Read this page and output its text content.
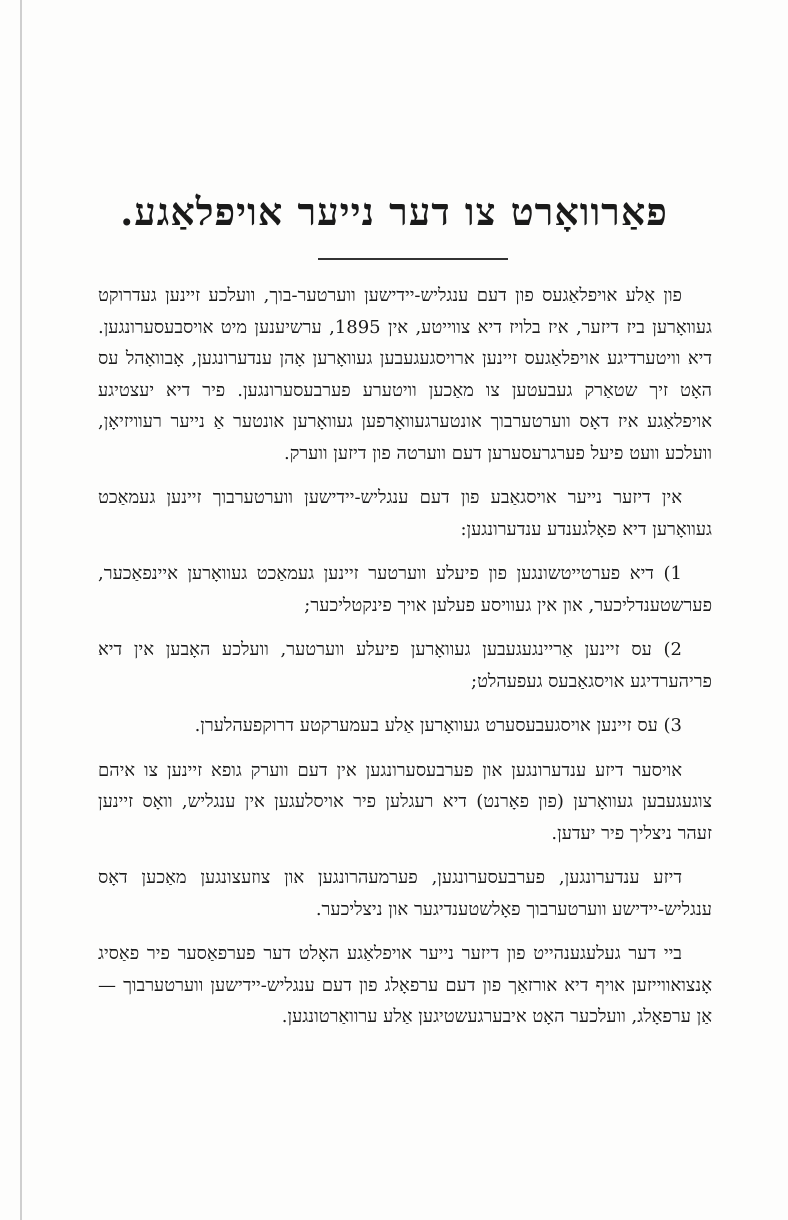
פאַרוואָרט צו דער נייער אויפלאַגע.

פון אַלע אויפלאַגעס פון דעם ענגליש-יידישען ווערטער-בוך, וועלכע זיינען געדרוקט געוואָרען ביז דיזער, איז בלויז דיא צווייטע, אין 1895, ערשיענען מיט אויסבעסערונגען. דיא וויטערדיגע אויפלאַגעס זיינען ארויסגעגעבען געוואָרען אָהן ענדערונגען, אָבוואָהל עס האָט זיך שטאַרק געבעטען צו מאַכען וויטערע פערבעסערונגען. פיר דיא יעצטיגע אויפלאַגע איז דאָס ווערטערבוך אונטערגעוואָרפען געוואָרען אונטער אַ נייער רעוויזיאָן, וועלכע וועט פיעל פערגרעסערען דעם ווערטה פון דיזען ווערק.

אין דיזער נייער אויסגאַבע פון דעם ענגליש-יידישען ווערטערבוך זיינען געמאַכט געוואָרען דיא פאָלגענדע ענדערונגען:

1) דיא פערטייטשונגען פון פיעלע ווערטער זיינען געמאַכט געוואָרען איינפאַכער, פערשטענדליכער, און אין געוויסע פעלען אויך פינקטליכער;

2) עס זיינען אַריינגעגעבען געוואָרען פיעלע ווערטער, וועלכע האָבען אין דיא פריהערדיגע אויסגאַבעס געפעהלט;

3) עס זיינען אויסגעבעסערט געוואָרען אַלע בעמערקטע דרוקפעהלערן.

אויסער דיזע ענדערונגען און פערבעסערונגען אין דעם ווערק גופא זיינען צו איהם צוגעגעבען געוואָרען (פון פאָרנט) דיא רעגלען פיר אויסלעגען אין ענגליש, וואָס זיינען זעהר ניצליך פיר יעדען.

דיזע ענדערונגען, פערבעסערונגען, פערמעהרונגען און צוזעצונגען מאַכען דאָס ענגליש-יידישע ווערטערבוך פאָלשטענדיגער און ניצליכער.

ביי דער געלעגענהייט פון דיזער נייער אויפלאַגע האָלט דער פערפאַסער פיר פאַסיג אָנצואווייזען אויף דיא אורזאַך פון דעם ערפאָלג פון דעם ענגליש-יידישען ווערטערבוך — אַן ערפאָלג, וועלכער האָט איבערגעשטיגען אַלע ערוואַרטונגען.
